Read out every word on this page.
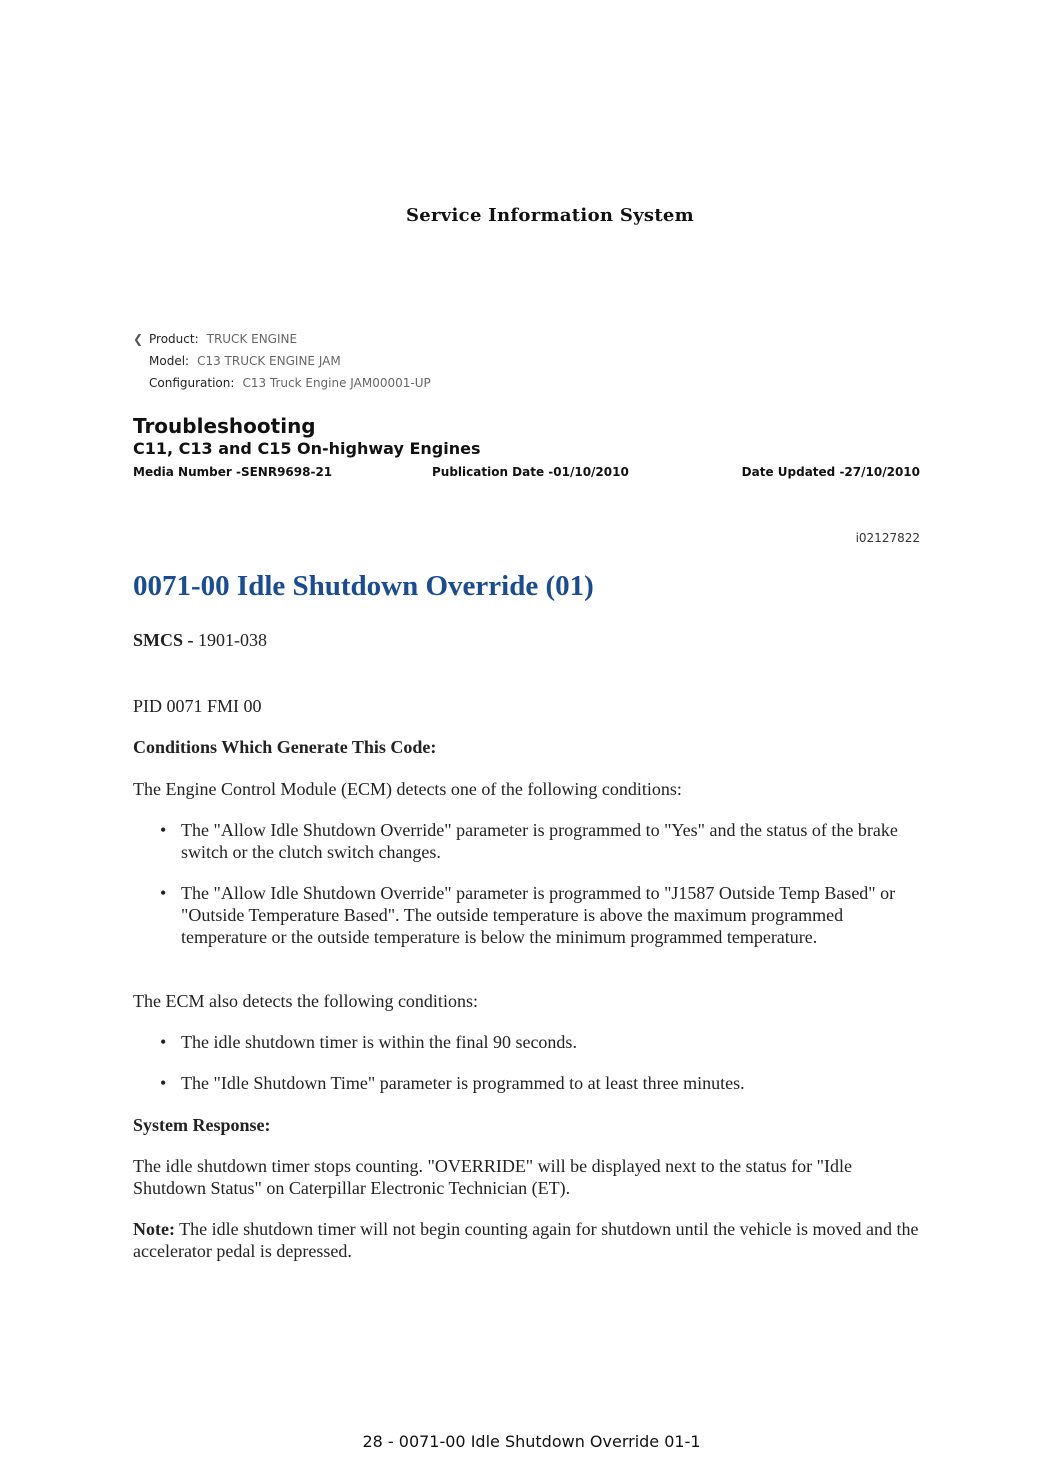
Service Information System
❮ Product: TRUCK ENGINE
Model: C13 TRUCK ENGINE JAM
Configuration: C13 Truck Engine JAM00001-UP
Troubleshooting
C11, C13 and C15 On-highway Engines
Media Number -SENR9698-21	Publication Date -01/10/2010	Date Updated -27/10/2010
i02127822
0071-00 Idle Shutdown Override (01)
SMCS - 1901-038
PID 0071 FMI 00
Conditions Which Generate This Code:
The Engine Control Module (ECM) detects one of the following conditions:
• The "Allow Idle Shutdown Override" parameter is programmed to "Yes" and the status of the brake switch or the clutch switch changes.
• The "Allow Idle Shutdown Override" parameter is programmed to "J1587 Outside Temp Based" or "Outside Temperature Based". The outside temperature is above the maximum programmed temperature or the outside temperature is below the minimum programmed temperature.
The ECM also detects the following conditions:
• The idle shutdown timer is within the final 90 seconds.
• The "Idle Shutdown Time" parameter is programmed to at least three minutes.
System Response:
The idle shutdown timer stops counting. "OVERRIDE" will be displayed next to the status for "Idle Shutdown Status" on Caterpillar Electronic Technician (ET).
Note: The idle shutdown timer will not begin counting again for shutdown until the vehicle is moved and the accelerator pedal is depressed.
28 - 0071-00 Idle Shutdown Override 01-1
